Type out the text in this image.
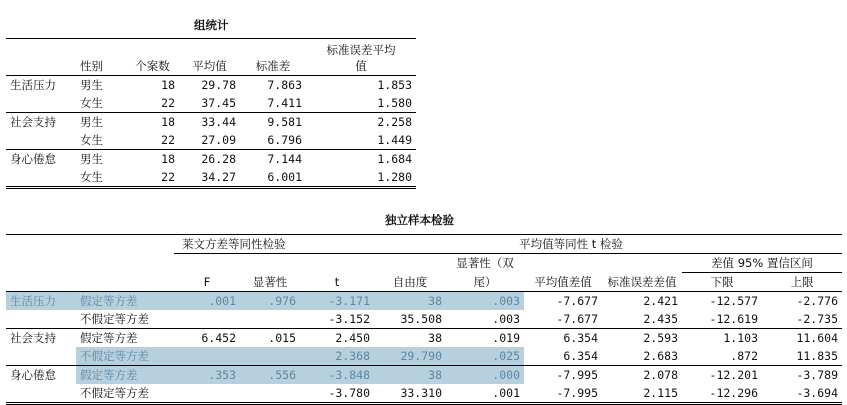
组统计
					标准误差平均
	性别	个案数	平均值	标准差	值
生活压力	男生	18	29.78	7.863	1.853
	女生	22	37.45	7.411	1.580
社会支持	男生	18	33.44	9.581	2.258
	女生	22	27.09	6.796	1.449
身心倦怠	男生	18	26.28	7.144	1.684
	女生	22	34.27	6.001	1.280
独立样本检验
		莱文方差等同性检验		平均值等同性 t 检验						
						显著性（双			差值 95% 置信区间	
		F	显著性	t	自由度	尾）	平均值差值	标准误差差值	下限	上限
生活压力	假定等方差	.001	.976	-3.171	38	.003	-7.677	2.421	-12.577	-2.776
	不假定等方差			-3.152	35.508	.003	-7.677	2.435	-12.619	-2.735
社会支持	假定等方差	6.452	.015	2.450	38	.019	6.354	2.593	1.103	11.604
	不假定等方差			2.368	29.790	.025	6.354	2.683	.872	11.835
身心倦怠	假定等方差	.353	.556	-3.848	38	.000	-7.995	2.078	-12.201	-3.789
	不假定等方差			-3.780	33.310	.001	-7.995	2.115	-12.296	-3.694
